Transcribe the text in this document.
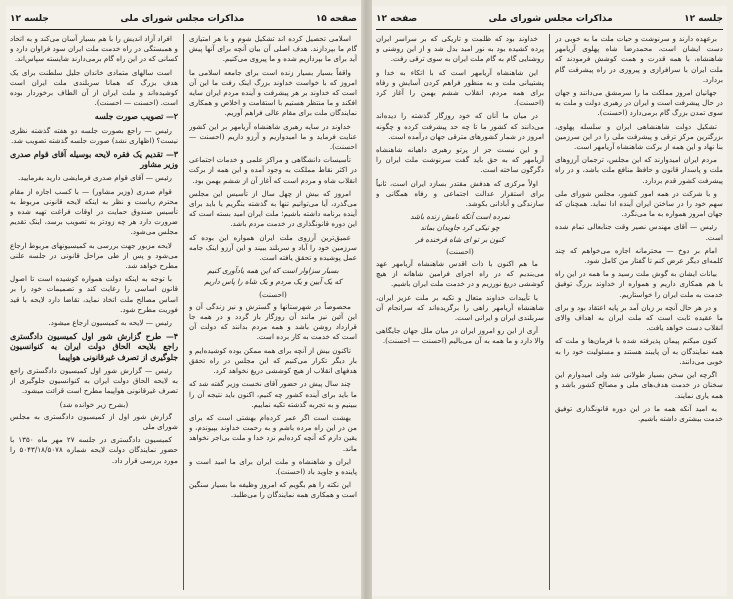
صفحه ۱۵
مذاکرات مجلس شورای ملی
جلسه ۱۲

اسلامی تحصیل کرده اند تشکیل شوم و با هر امتیازی گام ما بپردازند. هدف اصلی آن بیان آنچه برای آنها پیش آید برای ما بپردازیم شده و ما پیروی می‌کنیم.

واقفاً بسیار بسیار زنده است برای جامعه اسلامی ما امروز که با خواست خداوند بزرگ اینک رفت ما این آن است که خداوند بر هر پیشرفت و آینده مردم ایران سایه افکند و ما منتظر هستیم با استقامت و اخلاص و همکاری نمایندگان ملت برای مقام عالی فراهم آوریم.

خداوند در سایه رهبری شاهنشاه آریامهر بر این کشور عنایت فرماید و ما امیدواریم و آرزو داریم (احسنت — احسنت).

تأسیسات دانشگاهی و مراکز علمی و خدمات اجتماعی در اکثر نقاط مملکت به وجود آمده و این همه از برکت انقلاب شاه و مردم است که آغاز آن از ششم بهمن بود.

امروز که بیش از چهل سال از تأسیس این مجلس می‌گذرد، آیا می‌توانیم تنها به گذشته بنگریم یا باید برای آینده برنامه داشته باشیم؛ ملت ایران امید بسته است که این دوره قانونگذاری در خدمت مردم باشد.

عمیق‌ترین آرزوی ملت ایران همواره این بوده که سرزمین خود را آباد و سربلند ببیند و این آرزو اینک جامه عمل پوشیده و تحقق یافته است.

بسیار سزاوار است که این همه یادآوری کنیم

که یک آیین و یک مردم و یک شاه را پاس داریم

(احسنت)

محصوصاً در شهرستانها و گسترش و نیز زندگی آن و این آئین نیز مانند آن روزگار باز گردد و در همه جا قرارداد روشن باشد و همه مردم بدانند که دولت آن است که خدمت به کار برده است.

تاکنون بیش از آنچه برای همه ممکن بوده کوشیده‌ایم و بار دیگر تکرار می‌کنیم که این مجلس در راه تحقق هدفهای انقلاب از هیچ کوششی دریغ نخواهد کرد.

چند سال پیش در حضور آقای نخست وزیر گفته شد که ما باید برای آینده کشور چه کنیم، اکنون باید نتیجه آن را ببینیم و به تجربه گذشته تکیه نماییم.

بهشت است اگر عمر کرده‌ام بهشتی است که برای من در این راه مرده باشم و به رحمت خداوند بپیوندم، و یقین دارم که آنچه کرده‌ایم نزد خدا و ملت بی‌اجر نخواهد ماند.

ایران و شاهنشاه و ملت ایران برای ما امید است و پاینده و جاوید باد (احسنت).

این نکته را هم بگویم که امروز وظیفه ما بسیار سنگین است و همکاری همه نمایندگان را می‌طلبد.

افراد آزاد اندیش را با هم بسیار آسان می‌کند و به اتحاد و همبستگی در راه خدمت ملت ایران سود فراوان دارد و کسانی که در این راه گام برمی‌دارند شایسته سپاس‌اند.

است سالهای متمادی خاندان جلیل سلطنت برای یک هدف بزرگ که همانا سربلندی ملت ایران است کوشیده‌اند و ملت ایران از آن الطاف برخوردار بوده است. (احسنت — احسنت).

۲— تصویب صورت جلسه

رئیس — راجع بصورت جلسه دو هفته گذشته نظری نیست؟ (اظهاری نشد) صورت جلسه گذشته تصویب شد.

۳— تقدیم یک فقره لایحه بوسیله آقای قوام صدری وزیر مشاور

رئیس — آقای قوام صدری فرمایشی دارید بفرمایید.

قوام صدری (وزیر مشاور) — با کسب اجازه از مقام محترم ریاست و نظر به اینکه لایحه قانونی مربوط به تأسیس صندوق حمایت در اوقات فراغت تهیه شده و ضرورت دارد هر چه زودتر به تصویب برسد، اینک تقدیم مجلس می‌شود.

لایحه مزبور جهت بررسی به کمیسیونهای مربوط ارجاع می‌شود و پس از طی مراحل قانونی در جلسه علنی مطرح خواهد شد.

با توجه به اینکه دولت همواره کوشیده است تا اصول قانون اساسی را رعایت کند و تصمیمات خود را بر اساس مصالح ملت اتخاذ نماید، تقاضا دارد لایحه با قید فوریت مطرح شود.

رئیس — لایحه به کمیسیون ارجاع میشود.

۴— طرح گزارش شور اول کمیسیون دادگستری راجع بلایحه الحاق دولت ایران به کنوانسیون جلوگیری از تصرف غیرقانونی هواپیما

رئیس — گزارش شور اول کمیسیون دادگستری راجع به لایحه الحاق دولت ایران به کنوانسیون جلوگیری از تصرف غیرقانونی هواپیما مطرح است قرائت میشود.

(بشرح زیر خوانده شد)

گزارش شور اول از کمیسیون دادگستری به مجلس شورای ملی

کمیسیون دادگستری در جلسه ۲۷ مهر ماه ۱۳۵۰ با حضور نمایندگان دولت لایحه شماره ۵۰۴۳/۱۸/۵۰۷۸ را مورد بررسی قرار داد.

جلسه ۱۲
مذاکرات مجلس شورای ملی
صفحه ۱۲

برعهده دارند و سرنوشت و حیات ملت ما به خوبی در دست ایشان است، محمدرضا شاه پهلوی آریامهر شاهنشاه، با همه قدرت و همت کوشش فرمودند که ملت ایران با سرافرازی و پیروزی در راه پیشرفت گام بردارد.

جهانیان امروز مملکت ما را سرمشق می‌دانند و جهان در حال پیشرفت است و ایران در رهبری دولت و ملت به سوی تمدن بزرگ گام برمی‌دارد (احسنت).

تشکیل دولت شاهنشاهی ایران و سلسله پهلوی، بزرگترین مرکز ترقی و پیشرفت ملی را در این سرزمین بنا نهاد و این همه از برکت شاهنشاه آریامهر است.

مردم ایران امیدوارند که این مجلس، ترجمان آرزوهای ملت و پاسدار قانون و حافظ منافع ملت باشد، و در راه پیشرفت کشور قدم بردارد.

و با شرکت در همه امور کشور، مجلس شورای ملی سهم خود را در ساختن ایران آینده ادا نماید. همچنان که جهان امروز همواره به ما می‌نگرد.

رئیس — آقای مهندس نصیر وقت جنابعالی تمام شده است.

امام بر دوخ — محترمانه اجازه می‌خواهم که چند کلمه‌ای دیگر عرض کنم تا گفتار من کامل شود.

بیانات ایشان به گوش ملت رسید و ما همه در این راه با هم همکاری داریم و همواره از خداوند بزرگ توفیق خدمت به ملت ایران را خواستاریم.

و در هر حال آنچه بر زبان آمد بر پایه اعتقاد بود و برای ما عقیده ثابت است که ملت ایران به اهداف والای انقلاب دست خواهد یافت.

کنون میکنم پیمان پذیرفته شده با فرمان‌ها و ملت که همه نمایندگان به آن پایبند هستند و مسئولیت خود را به خوبی می‌دانند.

اگرچه این سخن بسیار طولانی شد ولی امیدوارم این سخنان در خدمت هدف‌های ملی و مصالح کشور باشد و همه یاری نمایند.

به امید آنکه همه ما در این دوره قانونگذاری توفیق خدمت بیشتری داشته باشیم.

خداوند بود که ظلمت و تاریکی که بر سراسر ایران پرده کشیده بود به نور امید بدل شد و از این روشنی و روشنایی گام به گام ملت ایران به سوی ترقی رفت.

این شاهنشاه آریامهر است که با اتکاء به خدا و پشتیبانی ملت و به منظور فراهم کردن آسایش و رفاه برای همه مردم، انقلاب ششم بهمن را آغاز کرد (احسنت).

در میان ما آنان که خود روزگار گذشته را دیده‌اند می‌دانند که کشور ما تا چه حد پیشرفت کرده و چگونه امروز در شمار کشورهای مترقی جهان درآمده است.

و این نیست جز از پرتو رهبری داهیانه شاهنشاه آریامهر که به حق باید گفت سرنوشت ملت ایران را دگرگون ساخته است.

اولاً مرکزی که هدفش مقتدر بسازد ایران است، ثانیاً برای استقرار عدالت اجتماعی و رفاه همگانی و سازندگی و آبادانی بکوشد.

نمرده است آنکه نامش زنده باشد

چو نیکی کرد جاویدان بماند

کنون بر تو ای شاه فرخنده فر

(احسنت)

ما هم اکنون با ذات اقدس شاهنشاه آریامهر عهد می‌بندیم که در راه اجرای فرامین شاهانه از هیچ کوششی دریغ نورزیم و در خدمت ملت ایران باشیم.

با تأییدات خداوند متعال و تکیه بر ملت عزیز ایران، شاهنشاه آریامهر راهی را برگزیده‌اند که سرانجام آن سربلندی ایران و ایرانی است.

آری از این رو امروز ایران در میان ملل جهان جایگاهی والا دارد و ما همه به آن می‌بالیم (احسنت — احسنت).
